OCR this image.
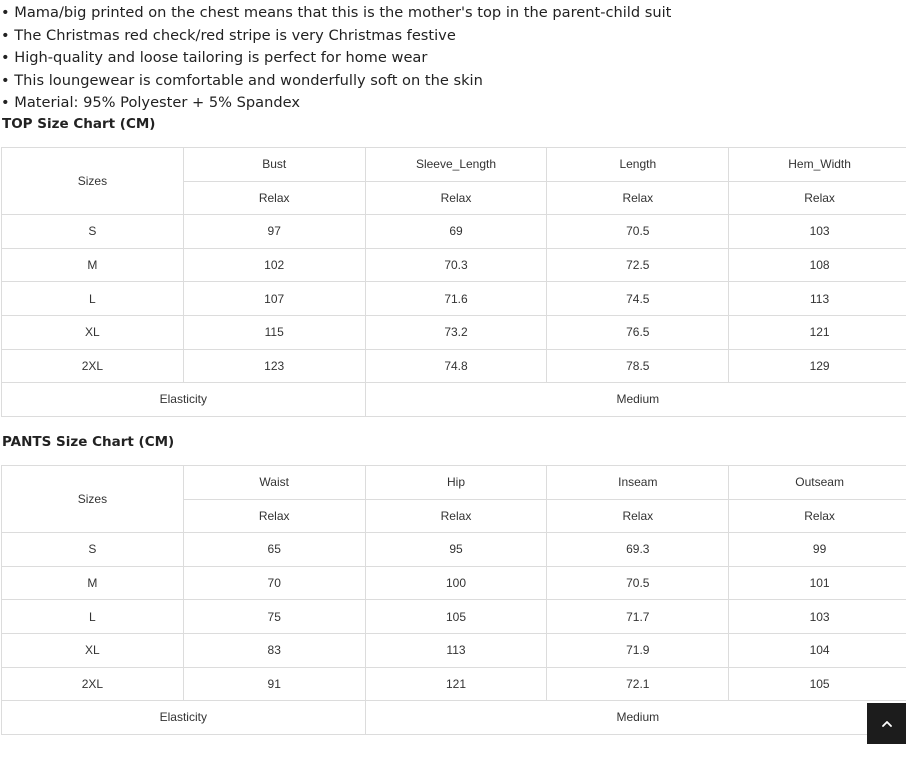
• Mama/big printed on the chest means that this is the mother's top in the parent-child suit
• The Christmas red check/red stripe is very Christmas festive
• High-quality and loose tailoring is perfect for home wear
• This loungewear is comfortable and wonderfully soft on the skin
• Material: 95% Polyester + 5% Spandex
TOP Size Chart (CM)
Sizes	Bust	Sleeve_Length	Length	Hem_Width
	Relax	Relax	Relax	Relax
S	97	69	70.5	103
M	102	70.3	72.5	108
L	107	71.6	74.5	113
XL	115	73.2	76.5	121
2XL	123	74.8	78.5	129
Elasticity		Medium		
PANTS Size Chart (CM)
Sizes	Waist	Hip	Inseam	Outseam
	Relax	Relax	Relax	Relax
S	65	95	69.3	99
M	70	100	70.5	101
L	75	105	71.7	103
XL	83	113	71.9	104
2XL	91	121	72.1	105
Elasticity		Medium		
